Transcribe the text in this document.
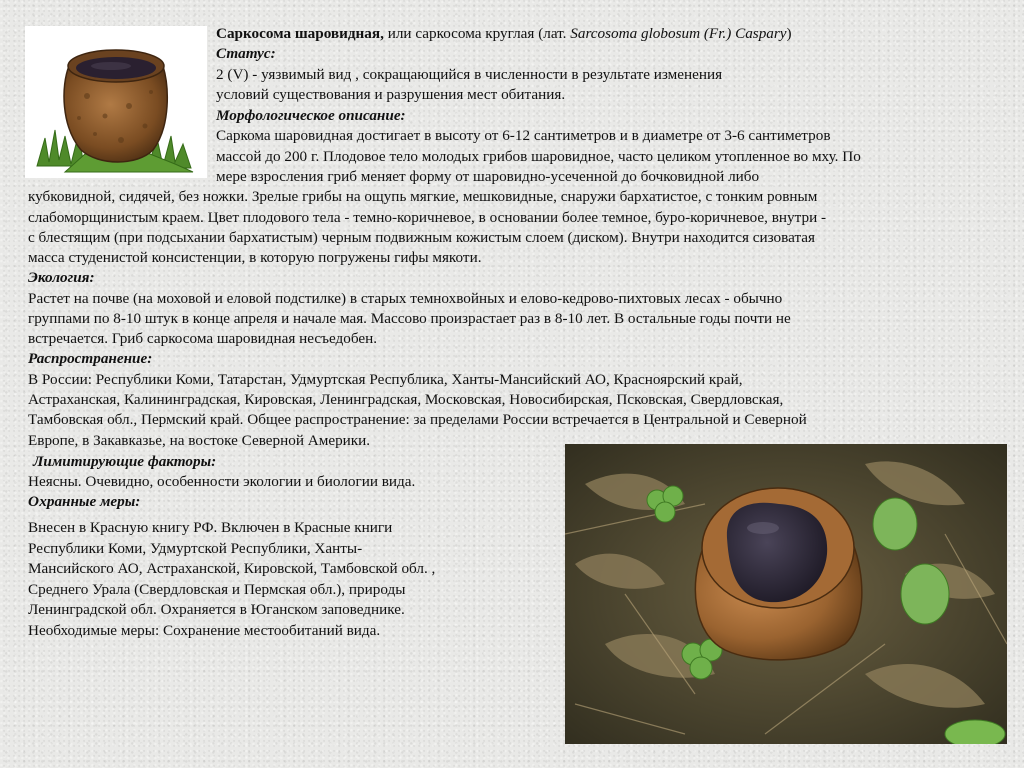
Саркосома шаровидная, или саркосома круглая (лат. Sarcosoma globosum (Fr.) Caspary)
Статус:
2 (V) - уязвимый вид , сокращающийся в численности в результате изменения условий существования и разрушения мест обитания.
Морфологическое описание:
Саркома шаровидная достигает в высоту от 6-12 сантиметров и в диаметре от 3-6 сантиметров
массой до 200 г. Плодовое тело молодых грибов шаровидное, часто целиком утопленное во мху. По
мере взросления гриб меняет форму от шаровидно-усеченной до бочковидной либо
кубковидной, сидячей, без ножки. Зрелые грибы на ощупь мягкие, мешковидные, снаружи бархатистое, с тонким ровным
слабоморщинистым краем. Цвет плодового тела - темно-коричневое, в основании более темное, буро-коричневое, внутри -
с блестящим (при подсыхании бархатистым) черным подвижным кожистым слоем (диском). Внутри находится сизоватая
масса студенистой консистенции, в которую погружены гифы мякоти.
Экология:
Растет на почве (на моховой и еловой подстилке) в старых темнохвойных и елово-кедрово-пихтовых лесах - обычно
группами по 8-10 штук в конце апреля и начале мая. Массово произрастает раз в 8-10 лет. В остальные годы почти не
встречается. Гриб саркосома шаровидная несъедобен.
Распространение:
В России: Республики Коми, Татарстан, Удмуртская Республика, Ханты-Мансийский АО, Красноярский край,
Астраханская, Калининградская, Кировская, Ленинградская, Московская, Новосибирская, Псковская, Свердловская,
Тамбовская обл., Пермский край. Общее распространение: за пределами России встречается в Центральной и Северной
Европе, в Закавказье, на востоке Северной Америки.
Лимитирующие факторы:
Неясны. Очевидно, особенности экологии и биологии вида.
Охранные меры:
Внесен в Красную книгу РФ. Включен в Красные книги
Республики Коми, Удмуртской Республики, Ханты-
Мансийского АО, Астраханской, Кировской, Тамбовской обл. ,
Среднего Урала (Свердловская и Пермская обл.), природы
Ленинградской обл. Охраняется в Юганском заповеднике.
Необходимые меры: Сохранение местообитаний вида.
